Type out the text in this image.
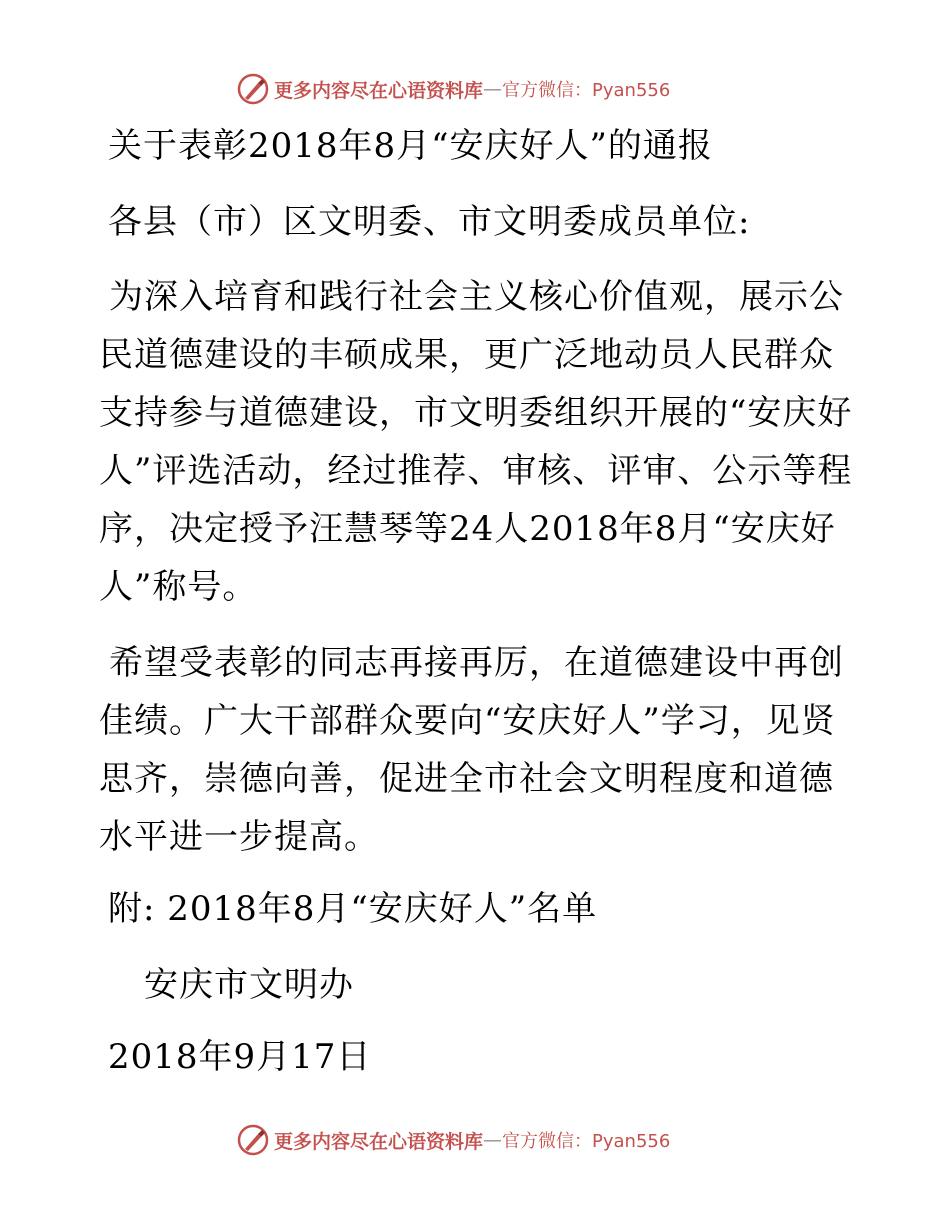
更多内容尽在心语资料库 — 官方微信：Pyan556
关于表彰2018年8月“安庆好人”的通报
各县（市）区文明委、市文明委成员单位:
为深入培育和践行社会主义核心价值观，展示公民道德建设的丰硕成果，更广泛地动员人民群众支持参与道德建设，市文明委组织开展的“安庆好人”评选活动，经过推荐、审核、评审、公示等程序，决定授予汪慧琴等24人2018年8月“安庆好人”称号。
希望受表彰的同志再接再厉，在道德建设中再创佳绩。广大干部群众要向“安庆好人”学习，见贤思齐，崇德向善，促进全市社会文明程度和道德水平进一步提高。
附: 2018年8月“安庆好人”名单
安庆市文明办
2018年9月17日
更多内容尽在心语资料库 — 官方微信：Pyan556
